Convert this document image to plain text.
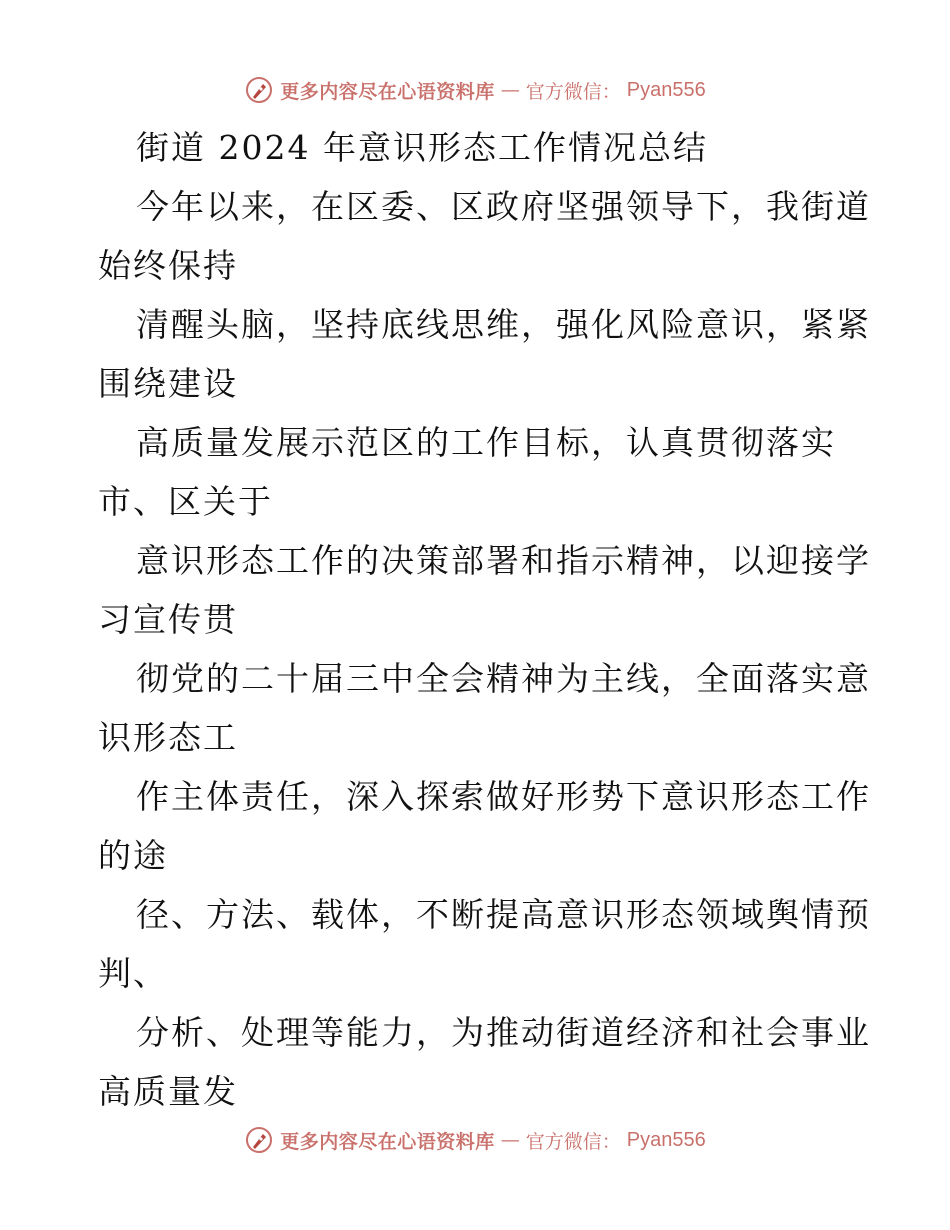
更多内容尽在心语资料库 — 官方微信： Pyan556
街道 2024 年意识形态工作情况总结
今年以来，在区委、区政府坚强领导下，我街道
始终保持
清醒头脑，坚持底线思维，强化风险意识，紧紧
围绕建设
高质量发展示范区的工作目标，认真贯彻落实
市、区关于
意识形态工作的决策部署和指示精神，以迎接学
习宣传贯
彻党的二十届三中全会精神为主线，全面落实意
识形态工
作主体责任，深入探索做好形势下意识形态工作
的途
径、方法、载体，不断提高意识形态领域舆情预
判、
分析、处理等能力，为推动街道经济和社会事业
高质量发
更多内容尽在心语资料库 — 官方微信： Pyan556
